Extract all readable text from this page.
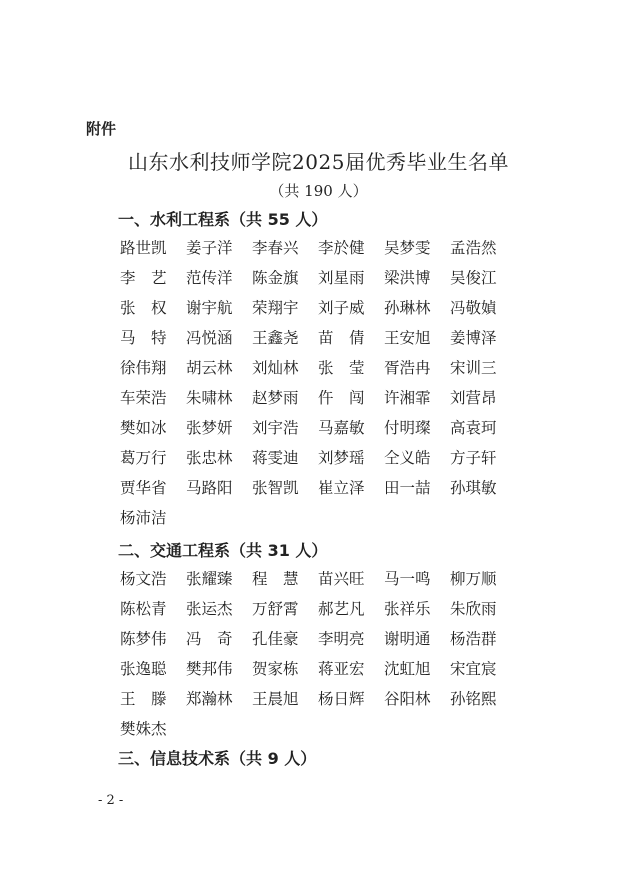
附件

山东水利技师学院2025届优秀毕业生名单

（共 190 人）

一、水利工程系（共 55 人）
路世凯	姜子洋	李春兴	李於健	吴梦雯	孟浩然
李　艺	范传洋	陈金旗	刘星雨	梁洪博	吴俊江
张　权	谢宇航	荣翔宇	刘子威	孙琳林	冯敬媜
马　特	冯悦涵	王鑫尧	苗　倩	王安旭	姜博泽
徐伟翔	胡云林	刘灿林	张　莹	胥浩冉	宋训三
车荣浩	朱啸林	赵梦雨	仵　闯	许湘霏	刘营昂
樊如冰	张梦妍	刘宇浩	马嘉敏	付明璨	高袁珂
葛万行	张忠林	蒋雯迪	刘梦瑶	仝义皓	方子轩
贾华省	马路阳	张智凯	崔立泽	田一喆	孙琪敏
杨沛洁
二、交通工程系（共 31 人）
杨文浩	张耀臻	程　慧	苗兴旺	马一鸣	柳万顺
陈松青	张运杰	万舒霄	郝艺凡	张祥乐	朱欣雨
陈梦伟	冯　奇	孔佳豪	李明亮	谢明通	杨浩群
张逸聪	樊邦伟	贺家栋	蒋亚宏	沈虹旭	宋宜宸
王　滕	郑瀚林	王晨旭	杨日辉	谷阳林	孙铭熙
樊姝杰
三、信息技术系（共 9 人）
- 2 -
